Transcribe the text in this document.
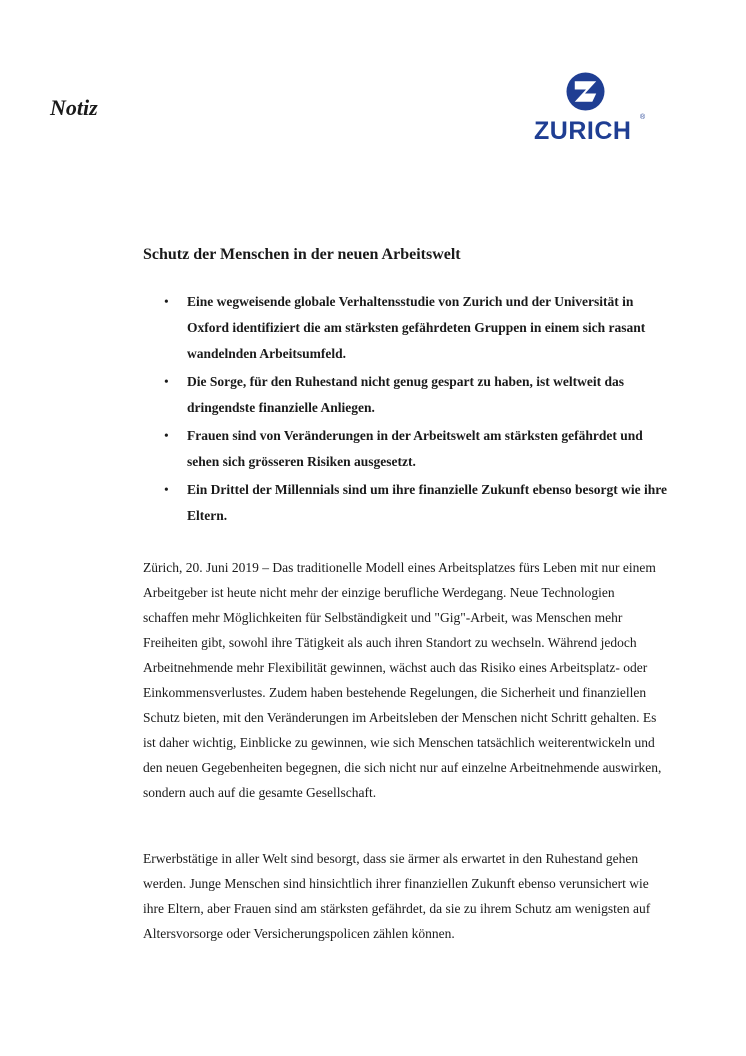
Notiz
ZURICH ®
Schutz der Menschen in der neuen Arbeitswelt
• Eine wegweisende globale Verhaltensstudie von Zurich und der Universität in Oxford identifiziert die am stärksten gefährdeten Gruppen in einem sich rasant wandelnden Arbeitsumfeld.
• Die Sorge, für den Ruhestand nicht genug gespart zu haben, ist weltweit das dringendste finanzielle Anliegen.
• Frauen sind von Veränderungen in der Arbeitswelt am stärksten gefährdet und sehen sich grösseren Risiken ausgesetzt.
• Ein Drittel der Millennials sind um ihre finanzielle Zukunft ebenso besorgt wie ihre Eltern.

Zürich, 20. Juni 2019 – Das traditionelle Modell eines Arbeitsplatzes fürs Leben mit nur einem Arbeitgeber ist heute nicht mehr der einzige berufliche Werdegang. Neue Technologien schaffen mehr Möglichkeiten für Selbständigkeit und "Gig"-Arbeit, was Menschen mehr Freiheiten gibt, sowohl ihre Tätigkeit als auch ihren Standort zu wechseln. Während jedoch Arbeitnehmende mehr Flexibilität gewinnen, wächst auch das Risiko eines Arbeitsplatz- oder Einkommensverlustes. Zudem haben bestehende Regelungen, die Sicherheit und finanziellen Schutz bieten, mit den Veränderungen im Arbeitsleben der Menschen nicht Schritt gehalten. Es ist daher wichtig, Einblicke zu gewinnen, wie sich Menschen tatsächlich weiterentwickeln und den neuen Gegebenheiten begegnen, die sich nicht nur auf einzelne Arbeitnehmende auswirken, sondern auch auf die gesamte Gesellschaft.

Erwerbstätige in aller Welt sind besorgt, dass sie ärmer als erwartet in den Ruhestand gehen werden. Junge Menschen sind hinsichtlich ihrer finanziellen Zukunft ebenso verunsichert wie ihre Eltern, aber Frauen sind am stärksten gefährdet, da sie zu ihrem Schutz am wenigsten auf Altersvorsorge oder Versicherungspolicen zählen können.
